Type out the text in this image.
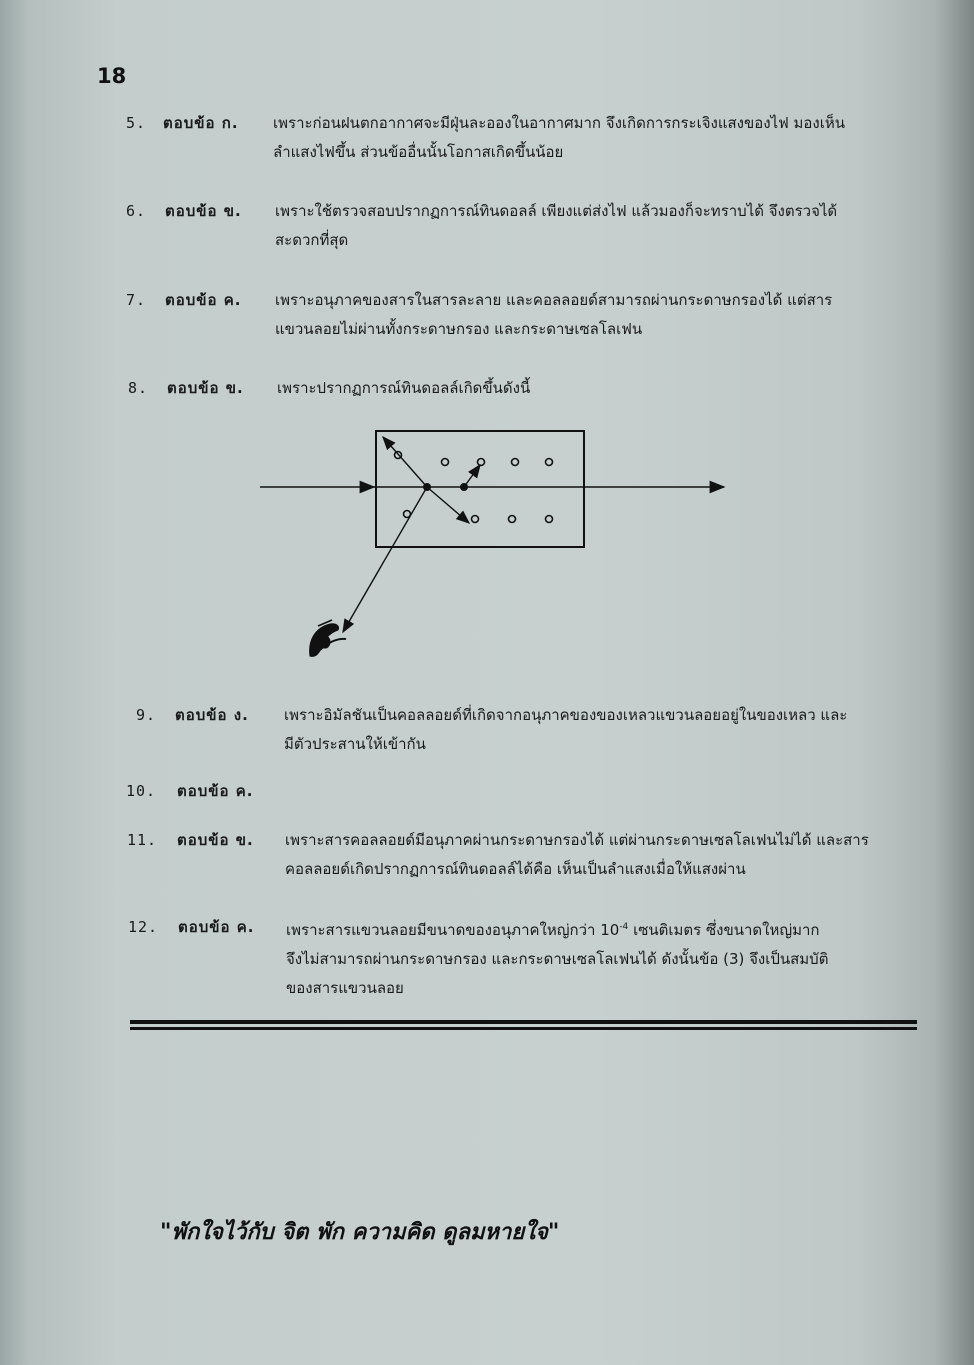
18
5. ตอบข้อ ก. เพราะก่อนฝนตกอากาศจะมีฝุ่นละอองในอากาศมาก จึงเกิดการกระเจิงแสงของไฟ มองเห็น
ลำแสงไฟขึ้น ส่วนข้ออื่นนั้นโอกาสเกิดขึ้นน้อย
6. ตอบข้อ ข. เพราะใช้ตรวจสอบปรากฏการณ์ทินดอลล์ เพียงแต่ส่งไฟ แล้วมองก็จะทราบได้ จึงตรวจได้
สะดวกที่สุด
7. ตอบข้อ ค. เพราะอนุภาคของสารในสารละลาย และคอลลอยด์สามารถผ่านกระดาษกรองได้ แต่สาร
แขวนลอยไม่ผ่านทั้งกระดาษกรอง และกระดาษเซลโลเฟน
8. ตอบข้อ ข. เพราะปรากฏการณ์ทินดอลล์เกิดขึ้นดังนี้
9. ตอบข้อ ง. เพราะอิมัลชันเป็นคอลลอยด์ที่เกิดจากอนุภาคของของเหลวแขวนลอยอยู่ในของเหลว และ
มีตัวประสานให้เข้ากัน
10.	ตอบข้อ ค.
11.	ตอบข้อ ข. เพราะสารคอลลอยด์มีอนุภาคผ่านกระดาษกรองได้ แต่ผ่านกระดาษเซลโลเฟนไม่ได้ และสาร
คอลลอยด์เกิดปรากฏการณ์ทินดอลล์ได้คือ เห็นเป็นลำแสงเมื่อให้แสงผ่าน
12.	ตอบข้อ ค. เพราะสารแขวนลอยมีขนาดของอนุภาคใหญ่กว่า $10^{-4}$ เซนติเมตร ซึ่งขนาดใหญ่มาก
จึงไม่สามารถผ่านกระดาษกรอง และกระดาษเซลโลเฟนได้ ดังนั้นข้อ (3) จึงเป็นสมบัติ
ของสารแขวนลอย
"พักใจไว้กับ จิต พัก ความคิด ดูลมหายใจ"
